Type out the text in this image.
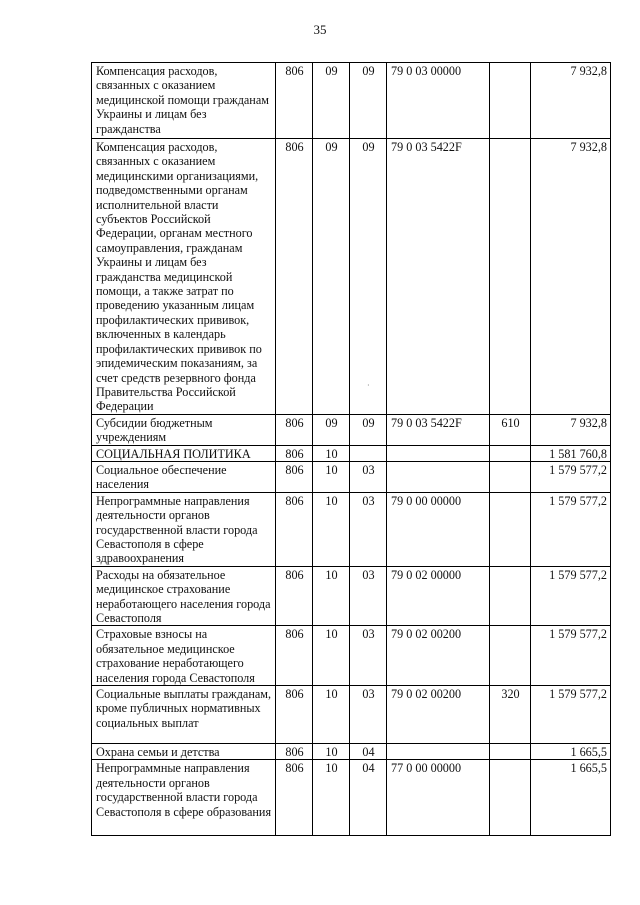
35
Компенсация расходов, связанных с оказанием медицинской помощи гражданам Украины и лицам без гражданства	806	09	09	79 0 03 00000		7 932,8
Компенсация расходов, связанных с оказанием медицинскими организациями, подведомственными органам исполнительной власти субъектов Российской Федерации, органам местного самоуправления, гражданам Украины и лицам без гражданства медицинской помощи, а также затрат по проведению указанным лицам профилактических прививок, включенных в календарь профилактических прививок по эпидемическим показаниям, за счет средств резервного фонда Правительства Российской Федерации	806	09	09	79 0 03 5422F		7 932,8
Субсидии бюджетным учреждениям	806	09	09	79 0 03 5422F	610	7 932,8
СОЦИАЛЬНАЯ ПОЛИТИКА	806	10				1 581 760,8
Социальное обеспечение населения	806	10	03			1 579 577,2
Непрограммные направления деятельности органов государственной власти города Севастополя в сфере здравоохранения	806	10	03	79 0 00 00000		1 579 577,2
Расходы на обязательное медицинское страхование неработающего населения города Севастополя	806	10	03	79 0 02 00000		1 579 577,2
Страховые взносы на обязательное медицинское страхование неработающего населения города Севастополя	806	10	03	79 0 02 00200		1 579 577,2
Социальные выплаты гражданам, кроме публичных нормативных социальных выплат	806	10	03	79 0 02 00200	320	1 579 577,2
Охрана семьи и детства	806	10	04			1 665,5
Непрограммные направления деятельности органов государственной власти города Севастополя в сфере образования	806	10	04	77 0 00 00000		1 665,5
·
